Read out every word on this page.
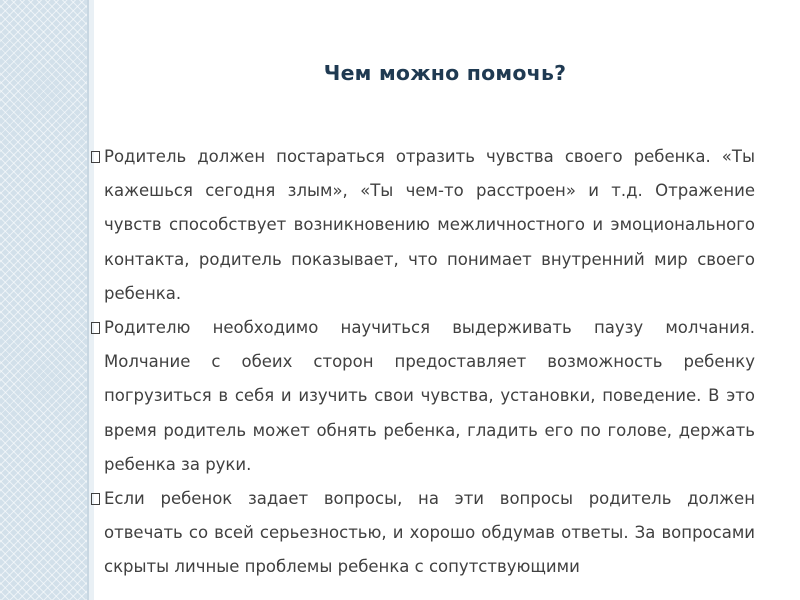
Чем можно помочь?

Родитель должен постараться отразить чувства своего ребенка. «Ты кажешься сегодня злым», «Ты чем-то расстроен» и т.д. Отражение чувств способствует возникновению межличностного и эмоционального контакта, родитель показывает, что понимает внутренний мир своего ребенка.

Родителю необходимо научиться выдерживать паузу молчания. Молчание с обеих сторон предоставляет возможность ребенку погрузиться в себя и изучить свои чувства, установки, поведение. В это время родитель может обнять ребенка, гладить его по голове, держать ребенка за руки.

Если ребенок задает вопросы, на эти вопросы родитель должен отвечать со всей серьезностью, и хорошо обдумав ответы. За вопросами скрыты личные проблемы ребенка с сопутствующими
